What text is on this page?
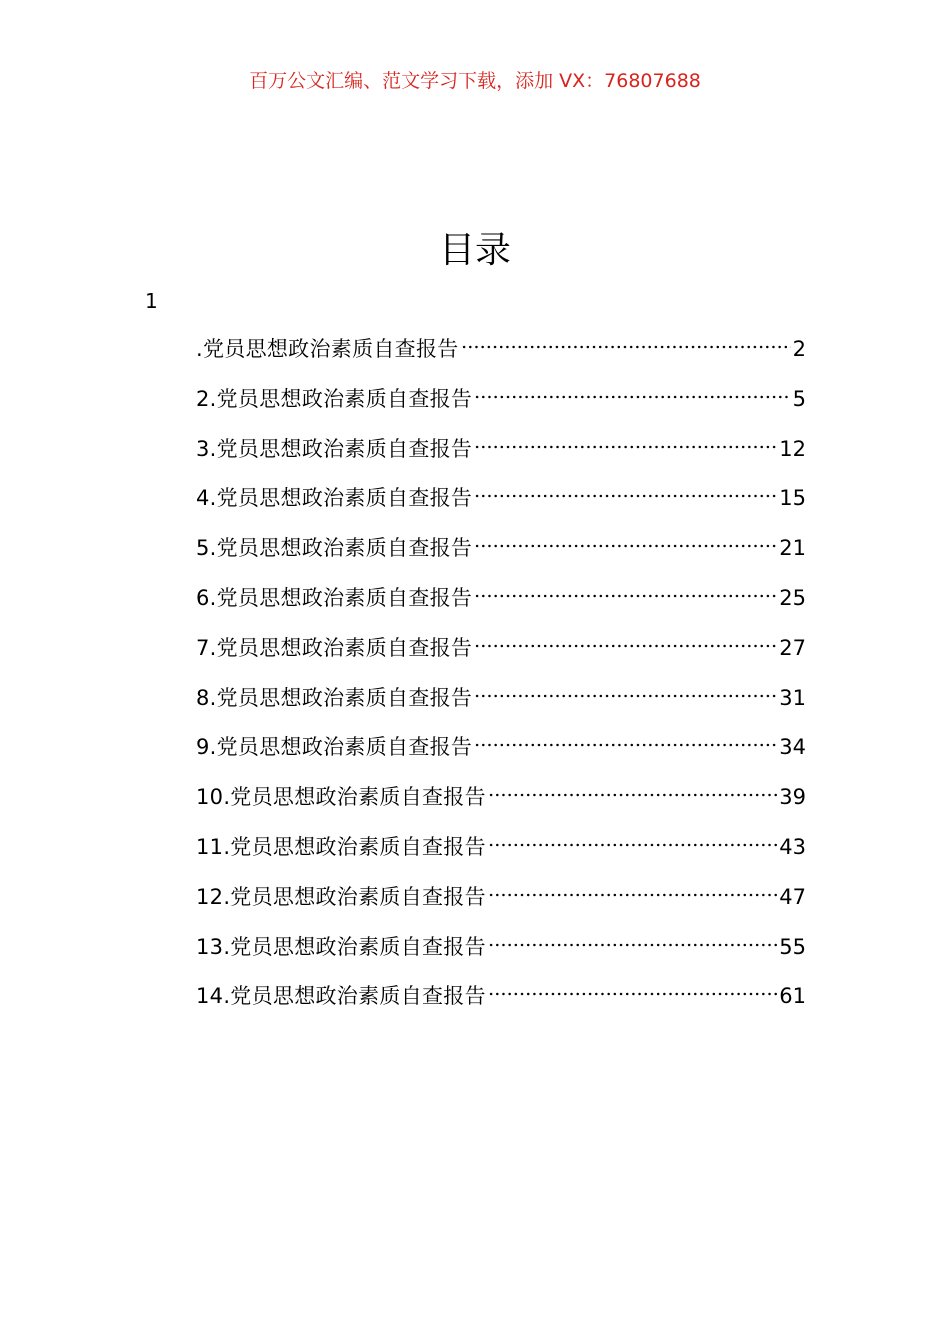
百万公文汇编、范文学习下载，添加 VX：76807688
目录
1
.党员思想政治素质自查报告	2
2.党员思想政治素质自查报告	5
3.党员思想政治素质自查报告	12
4.党员思想政治素质自查报告	15
5.党员思想政治素质自查报告	21
6.党员思想政治素质自查报告	25
7.党员思想政治素质自查报告	27
8.党员思想政治素质自查报告	31
9.党员思想政治素质自查报告	34
10.党员思想政治素质自查报告	39
11.党员思想政治素质自查报告	43
12.党员思想政治素质自查报告	47
13.党员思想政治素质自查报告	55
14.党员思想政治素质自查报告	61
